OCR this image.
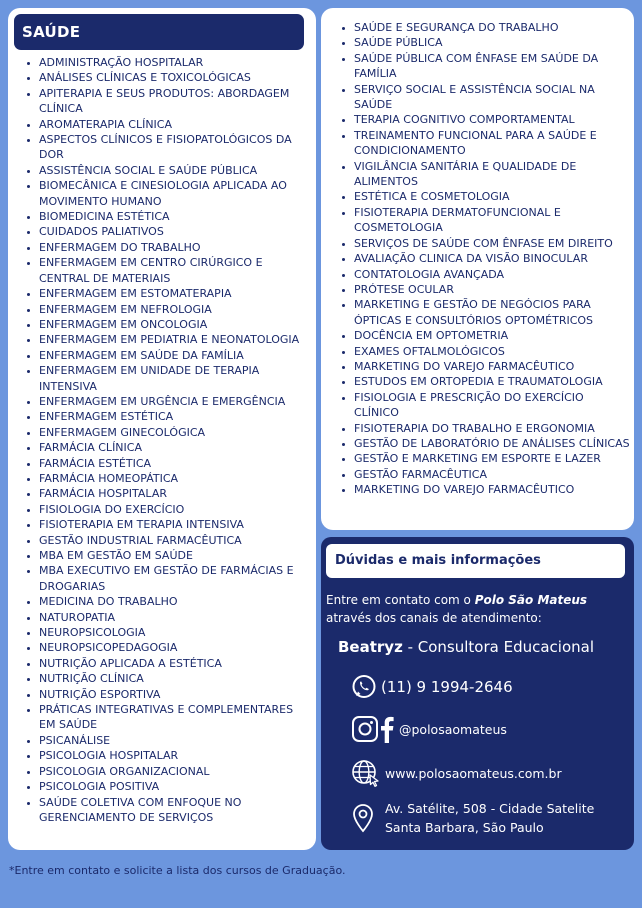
SAÚDE
ADMINISTRAÇÃO HOSPITALAR
ANÁLISES CLÍNICAS E TOXICOLÓGICAS
APITERAPIA E SEUS PRODUTOS: ABORDAGEM CLÍNICA
AROMATERAPIA CLÍNICA
ASPECTOS CLÍNICOS E FISIOPATOLÓGICOS DA DOR
ASSISTÊNCIA SOCIAL E SAÚDE PÚBLICA
BIOMECÂNICA E CINESIOLOGIA APLICADA AO MOVIMENTO HUMANO
BIOMEDICINA ESTÉTICA
CUIDADOS PALIATIVOS
ENFERMAGEM DO TRABALHO
ENFERMAGEM EM CENTRO CIRÚRGICO E CENTRAL DE MATERIAIS
ENFERMAGEM EM ESTOMATERAPIA
ENFERMAGEM EM NEFROLOGIA
ENFERMAGEM EM ONCOLOGIA
ENFERMAGEM EM PEDIATRIA E NEONATOLOGIA
ENFERMAGEM EM SAÚDE DA FAMÍLIA
ENFERMAGEM EM UNIDADE DE TERAPIA INTENSIVA
ENFERMAGEM EM URGÊNCIA E EMERGÊNCIA
ENFERMAGEM ESTÉTICA
ENFERMAGEM GINECOLÓGICA
FARMÁCIA CLÍNICA
FARMÁCIA ESTÉTICA
FARMÁCIA HOMEOPÁTICA
FARMÁCIA HOSPITALAR
FISIOLOGIA DO EXERCÍCIO
FISIOTERAPIA EM TERAPIA INTENSIVA
GESTÃO INDUSTRIAL FARMACÊUTICA
MBA EM GESTÃO EM SAÚDE
MBA EXECUTIVO EM GESTÃO DE FARMÁCIAS E DROGARIAS
MEDICINA DO TRABALHO
NATUROPATIA
NEUROPSICOLOGIA
NEUROPSICOPEDAGOGIA
NUTRIÇÃO APLICADA A ESTÉTICA
NUTRIÇÃO CLÍNICA
NUTRIÇÃO ESPORTIVA
PRÁTICAS INTEGRATIVAS E COMPLEMENTARES EM SAÚDE
PSICANÁLISE
PSICOLOGIA HOSPITALAR
PSICOLOGIA ORGANIZACIONAL
PSICOLOGIA POSITIVA
SAÚDE COLETIVA COM ENFOQUE NO GERENCIAMENTO DE SERVIÇOS
SAÚDE E SEGURANÇA DO TRABALHO
SAÚDE PÚBLICA
SAÚDE PÚBLICA COM ÊNFASE EM SAÚDE DA FAMÍLIA
SERVIÇO SOCIAL E ASSISTÊNCIA SOCIAL NA SAÚDE
TERAPIA COGNITIVO COMPORTAMENTAL
TREINAMENTO FUNCIONAL PARA A SAÚDE E CONDICIONAMENTO
VIGILÂNCIA SANITÁRIA E QUALIDADE DE ALIMENTOS
ESTÉTICA E COSMETOLOGIA
FISIOTERAPIA DERMATOFUNCIONAL E COSMETOLOGIA
SERVIÇOS DE SAÚDE COM ÊNFASE EM DIREITO
AVALIAÇÃO CLINICA DA VISÃO BINOCULAR
CONTATOLOGIA AVANÇADA
PRÓTESE OCULAR
MARKETING E GESTÃO DE NEGÓCIOS PARA ÓPTICAS E CONSULTÓRIOS OPTOMÉTRICOS
DOCÊNCIA EM OPTOMETRIA
EXAMES OFTALMOLÓGICOS
MARKETING DO VAREJO FARMACÊUTICO
ESTUDOS EM ORTOPEDIA E TRAUMATOLOGIA
FISIOLOGIA E PRESCRIÇÃO DO EXERCÍCIO CLÍNICO
FISIOTERAPIA DO TRABALHO E ERGONOMIA
GESTÃO DE LABORATÓRIO DE ANÁLISES CLÍNICAS
GESTÃO E MARKETING EM ESPORTE E LAZER
GESTÃO FARMACÊUTICA
MARKETING DO VAREJO FARMACÊUTICO
Dúvidas e mais informações
Entre em contato com o Polo São Mateus através dos canais de atendimento:
Beatryz - Consultora Educacional
(11) 9 1994-2646
@polosaomateus
www.polosaomateus.com.br
Av. Satélite, 508 - Cidade Satelite
Santa Barbara, São Paulo
*Entre em contato e solicite a lista dos cursos de Graduação.
